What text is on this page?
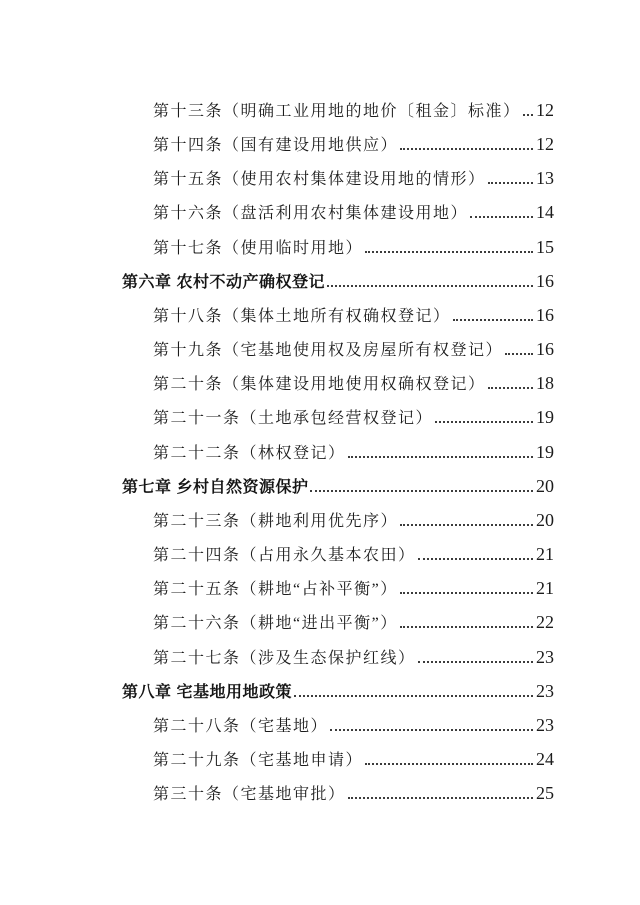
第十三条（明确工业用地的地价〔租金〕标准） 12
第十四条（国有建设用地供应）	12
第十五条（使用农村集体建设用地的情形）	13
第十六条（盘活利用农村集体建设用地）	14
第十七条（使用临时用地）	15
第六章 农村不动产确权登记	16
第十八条（集体土地所有权确权登记）	16
第十九条（宅基地使用权及房屋所有权登记） 16
第二十条（集体建设用地使用权确权登记）	18
第二十一条（土地承包经营权登记）	19
第二十二条（林权登记）	19
第七章 乡村自然资源保护	20
第二十三条（耕地利用优先序）	20
第二十四条（占用永久基本农田）	21
第二十五条（耕地“占补平衡”）	21
第二十六条（耕地“进出平衡”）	22
第二十七条（涉及生态保护红线）	23
第八章 宅基地用地政策	23
第二十八条（宅基地）	23
第二十九条（宅基地申请）	24
第三十条（宅基地审批）	25
